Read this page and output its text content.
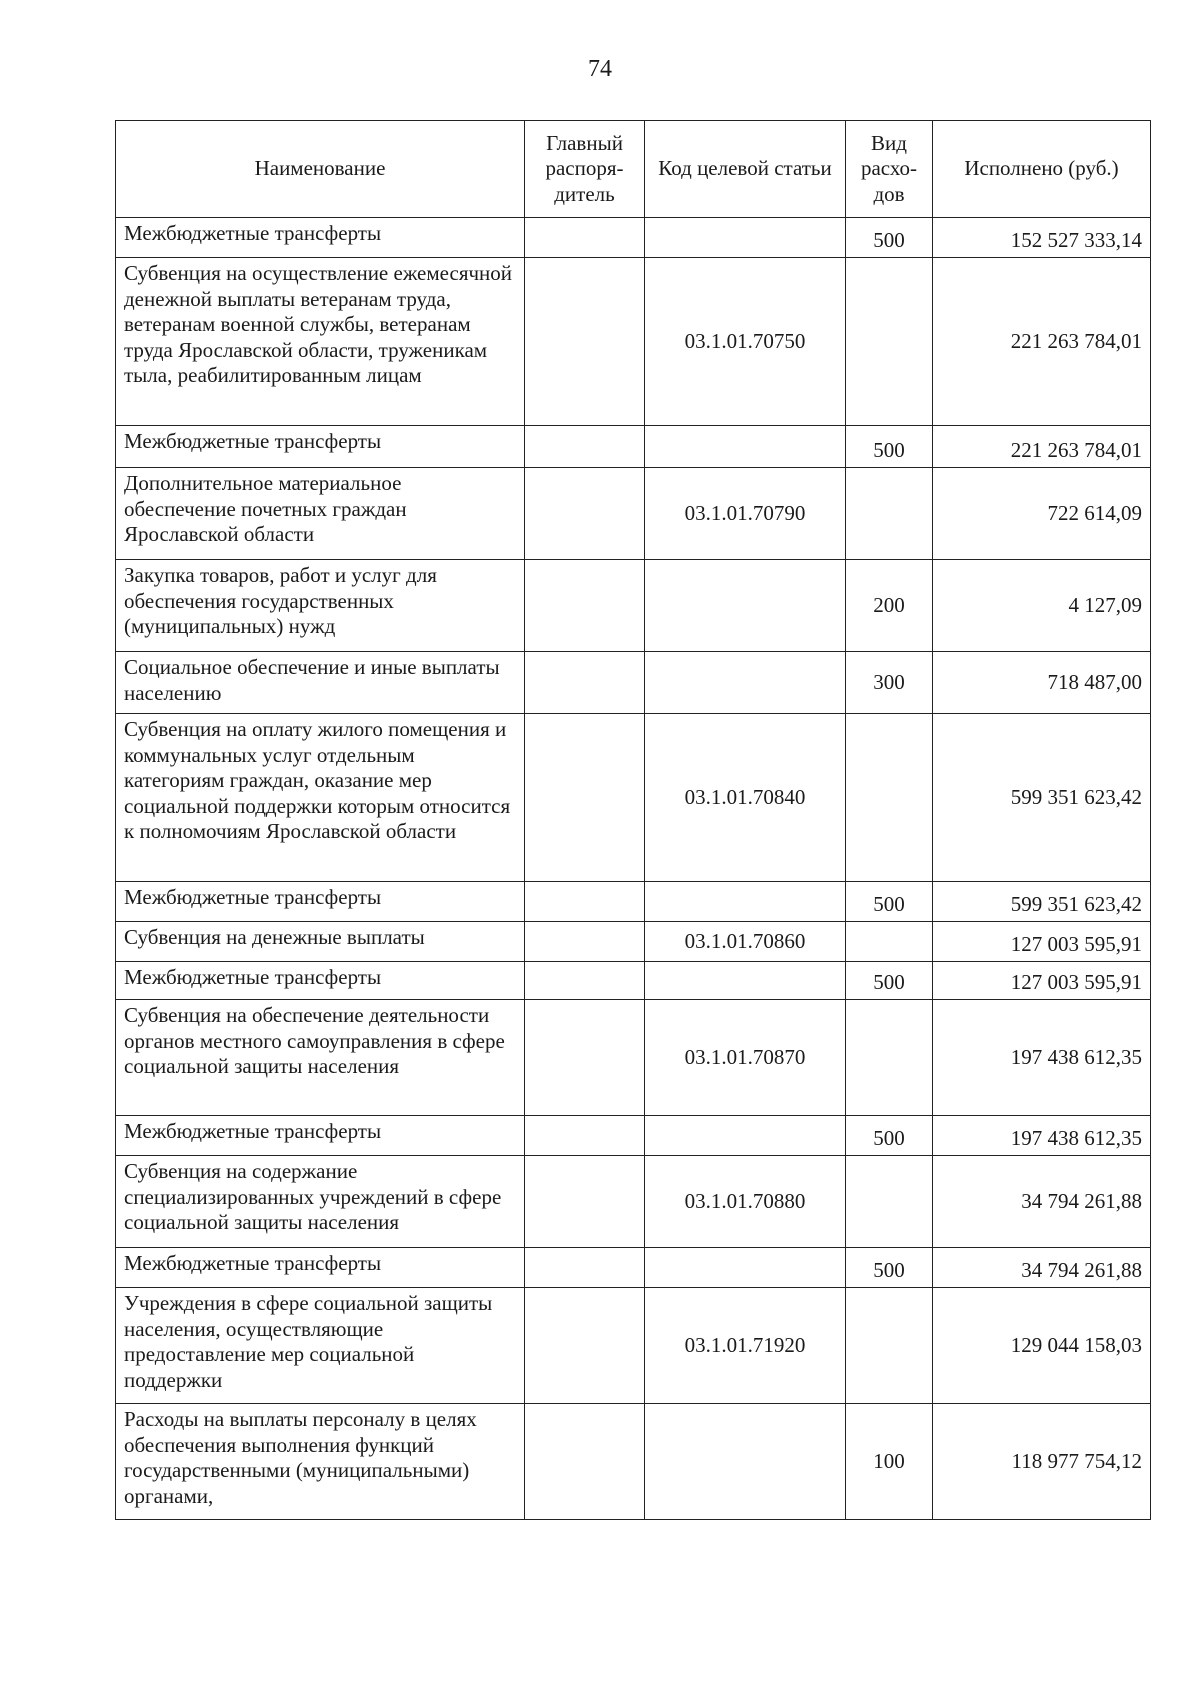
74
Наименование	Главный распоря-дитель	Код целевой статьи	Вид расхо-дов	Исполнено (руб.)
Межбюджетные трансферты			500	152 527 333,14
Субвенция на осуществление ежемесячной денежной выплаты ветеранам труда, ветеранам военной службы, ветеранам труда Ярославской области, труженикам тыла, реабилитированным лицам		03.1.01.70750		221 263 784,01
Межбюджетные трансферты			500	221 263 784,01
Дополнительное материальное обеспечение почетных граждан Ярославской области		03.1.01.70790		722 614,09
Закупка товаров, работ и услуг для обеспечения государственных (муниципальных) нужд			200	4 127,09
Социальное обеспечение и иные выплаты населению			300	718 487,00
Субвенция на оплату жилого помещения и коммунальных услуг отдельным категориям граждан, оказание мер социальной поддержки которым относится к полномочиям Ярославской области		03.1.01.70840		599 351 623,42
Межбюджетные трансферты			500	599 351 623,42
Субвенция на денежные выплаты		03.1.01.70860		127 003 595,91
Межбюджетные трансферты			500	127 003 595,91
Субвенция на обеспечение деятельности органов местного самоуправления в сфере социальной защиты населения		03.1.01.70870		197 438 612,35
Межбюджетные трансферты			500	197 438 612,35
Субвенция на содержание специализированных учреждений в сфере социальной защиты населения		03.1.01.70880		34 794 261,88
Межбюджетные трансферты			500	34 794 261,88
Учреждения в сфере социальной защиты населения, осуществляющие предоставление мер социальной поддержки		03.1.01.71920		129 044 158,03
Расходы на выплаты персоналу в целях обеспечения выполнения функций государственными (муниципальными) органами,			100	118 977 754,12
